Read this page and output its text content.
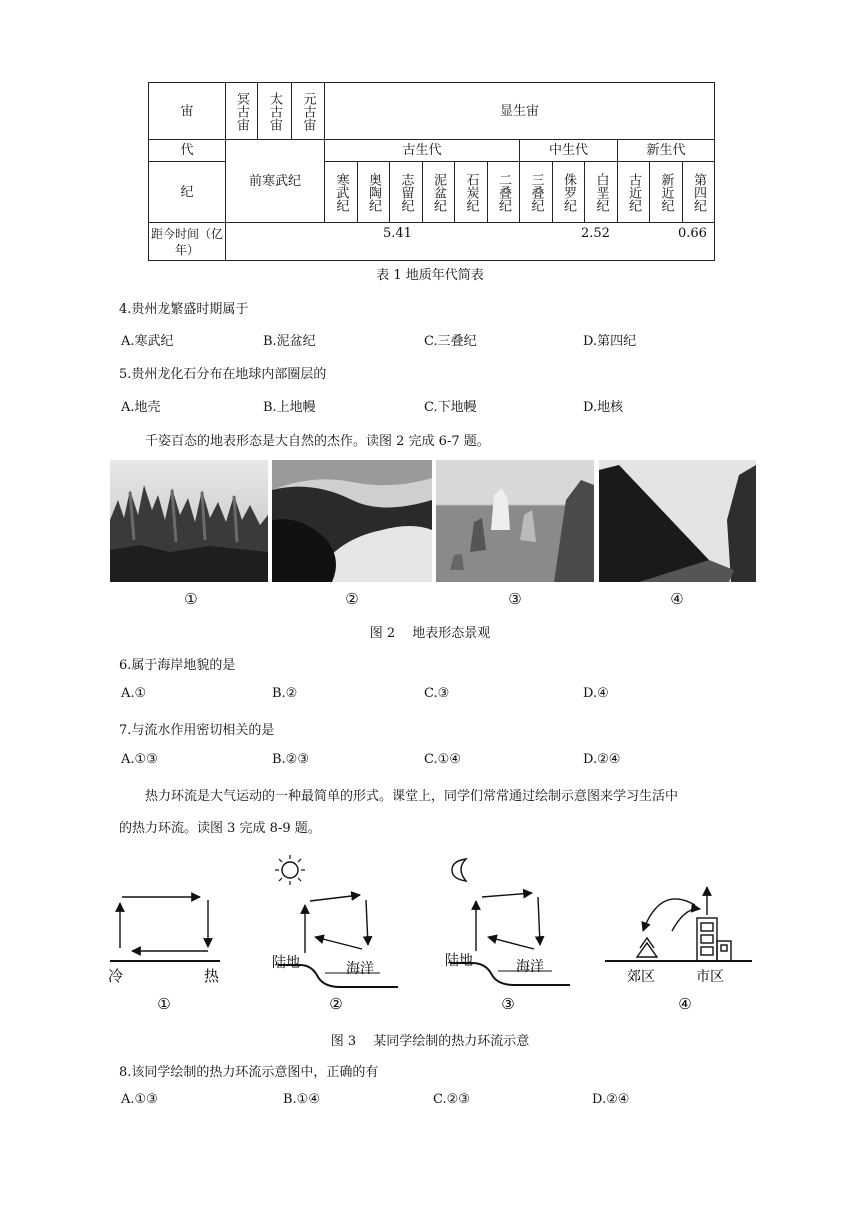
宙	冥古宙	太古宙	元古宙	显生宙											
代	前寒武纪			古生代						中生代			新生代		
纪				寒武纪	奥陶纪	志留纪	泥盆纪	石炭纪	二叠纪	三叠纪	侏罗纪	白垩纪	古近纪	新近纪	第四纪

距今时间（亿年）	5.41 2.52 0.66														
表 1 地质年代简表
4.贵州龙繁盛时期属于
A.寒武纪	B.泥盆纪	C.三叠纪	D.第四纪
5.贵州龙化石分布在地球内部圈层的
A.地壳	B.上地幔	C.下地幔	D.地核
千姿百态的地表形态是大自然的杰作。读图 2 完成 6-7 题。
①	②	③	④
图 2　 地表形态景观
6.属于海岸地貌的是
A.①	B.②	C.③	D.④
7.与流水作用密切相关的是
A.①③	B.②③	C.①④	D.②④
热力环流是大气运动的一种最简单的形式。课堂上，同学们常常通过绘制示意图来学习生活中
的热力环流。读图 3 完成 8-9 题。
冷	热
①
陆地	海洋
②
陆地	海洋
③
郊区	市区
④
图 3　 某同学绘制的热力环流示意
8.该同学绘制的热力环流示意图中，正确的有
A.①③	B.①④	C.②③	D.②④
